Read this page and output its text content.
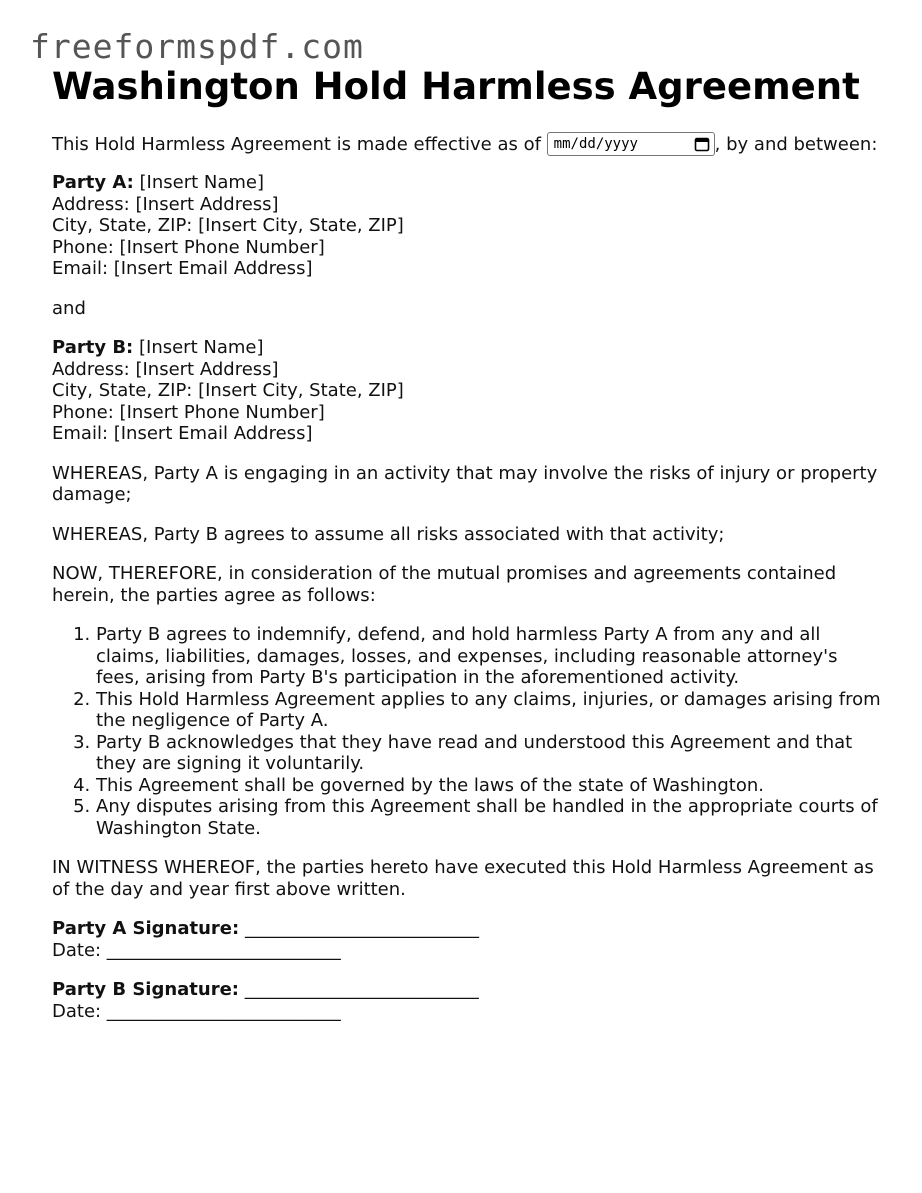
freeformspdf.com
Washington Hold Harmless Agreement

This Hold Harmless Agreement is made effective as of mm/dd/yyyy	, by and between:

Party A: [Insert Name]
Address: [Insert Address]
City, State, ZIP: [Insert City, State, ZIP]
Phone: [Insert Phone Number]
Email: [Insert Email Address]

and

Party B: [Insert Name]
Address: [Insert Address]
City, State, ZIP: [Insert City, State, ZIP]
Phone: [Insert Phone Number]
Email: [Insert Email Address]

WHEREAS, Party A is engaging in an activity that may involve the risks of injury or property damage;

WHEREAS, Party B agrees to assume all risks associated with that activity;

NOW, THEREFORE, in consideration of the mutual promises and agreements contained herein, the parties agree as follows:

1. Party B agrees to indemnify, defend, and hold harmless Party A from any and all claims, liabilities, damages, losses, and expenses, including reasonable attorney's fees, arising from Party B's participation in the aforementioned activity.
2. This Hold Harmless Agreement applies to any claims, injuries, or damages arising from the negligence of Party A.
3. Party B acknowledges that they have read and understood this Agreement and that they are signing it voluntarily.
4. This Agreement shall be governed by the laws of the state of Washington.
5. Any disputes arising from this Agreement shall be handled in the appropriate courts of Washington State.

IN WITNESS WHEREOF, the parties hereto have executed this Hold Harmless Agreement as of the day and year first above written.

Party A Signature: __________________________
Date: __________________________
Party B Signature: __________________________
Date: __________________________
